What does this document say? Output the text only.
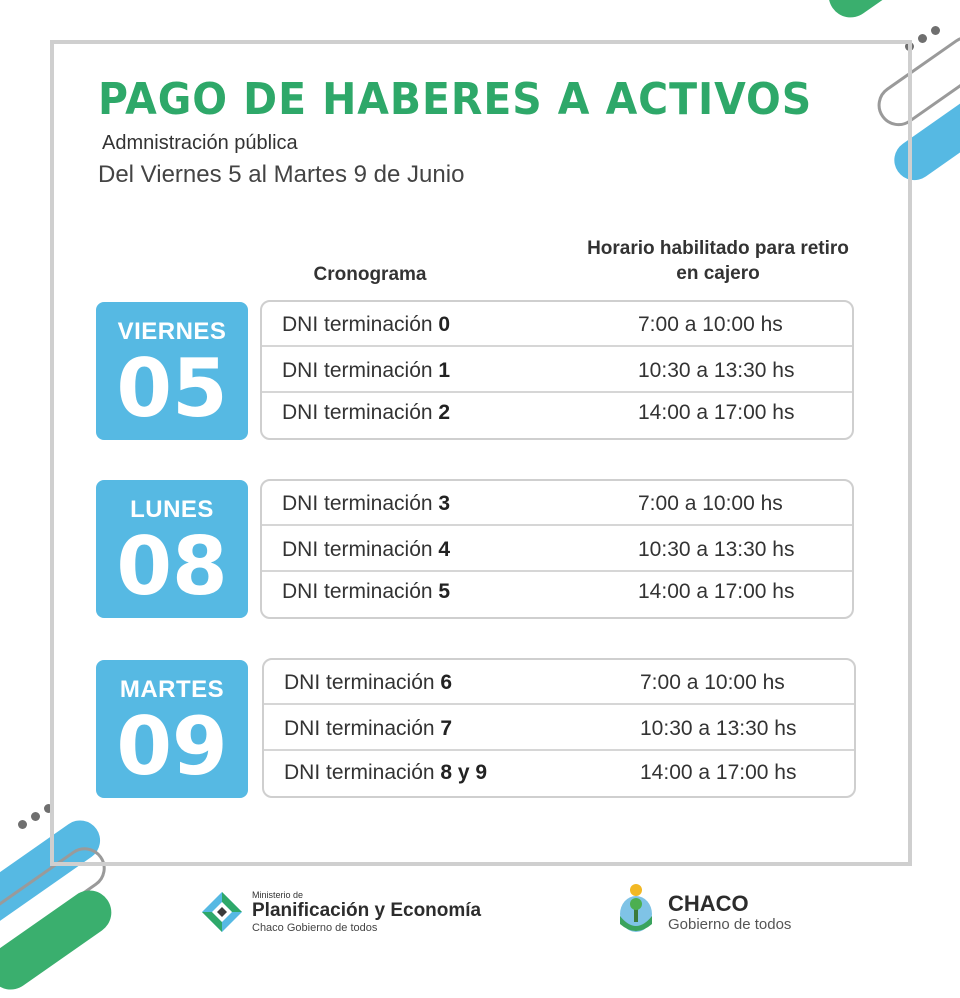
PAGO DE HABERES A ACTIVOS
Admnistración pública
Del Viernes 5 al Martes 9 de Junio
Cronograma
Horario habilitado para retiro en cajero
VIERNES
05
DNI terminación 0	7:00 a 10:00 hs
DNI terminación 1	10:30 a 13:30 hs
DNI terminación 2	14:00 a 17:00 hs
LUNES
08
DNI terminación 3	7:00 a 10:00 hs
DNI terminación 4	10:30 a 13:30 hs
DNI terminación 5	14:00 a 17:00 hs
MARTES
09
DNI terminación 6	7:00 a 10:00 hs
DNI terminación 7	10:30 a 13:30 hs
DNI terminación 8 y 9	14:00 a 17:00 hs
Ministerio de
Planificación y Economía
Chaco Gobierno de todos
CHACO
Gobierno de todos
